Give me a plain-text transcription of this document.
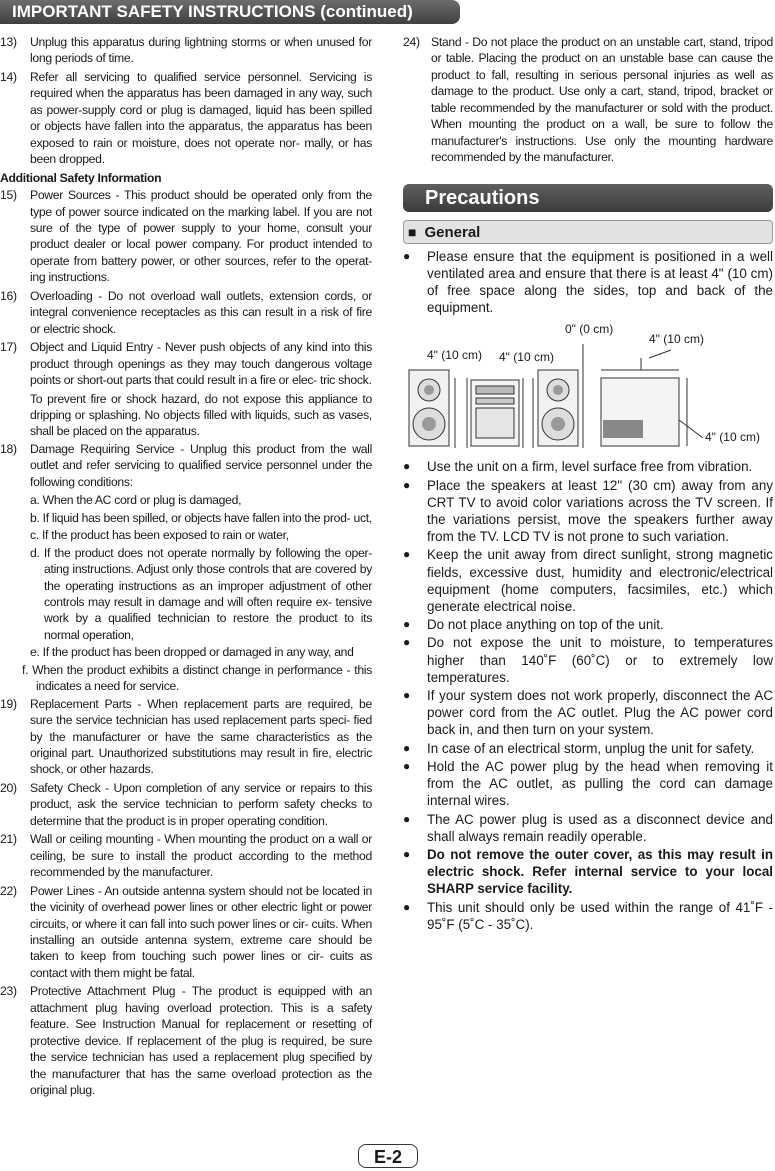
IMPORTANT SAFETY INSTRUCTIONS (continued)
13) Unplug this apparatus during lightning storms or when unused for long periods of time.
14) Refer all servicing to qualified service personnel. Servicing is required when the apparatus has been damaged in any way, such as power-supply cord or plug is damaged, liquid has been spilled or objects have fallen into the apparatus, the apparatus has been exposed to rain or moisture, does not operate nor- mally, or has been dropped.
Additional Safety Information
15) Power Sources - This product should be operated only from the type of power source indicated on the marking label. If you are not sure of the type of power supply to your home, consult your product dealer or local power company. For product intended to operate from battery power, or other sources, refer to the operat- ing instructions.
16) Overloading - Do not overload wall outlets, extension cords, or integral convenience receptacles as this can result in a risk of fire or electric shock.
17) Object and Liquid Entry - Never push objects of any kind into this product through openings as they may touch dangerous voltage points or short-out parts that could result in a fire or elec- tric shock.
To prevent fire or shock hazard, do not expose this appliance to dripping or splashing. No objects filled with liquids, such as vases, shall be placed on the apparatus.
18) Damage Requiring Service - Unplug this product from the wall outlet and refer servicing to qualified service personnel under the following conditions:
a. When the AC cord or plug is damaged,
b. If liquid has been spilled, or objects have fallen into the prod- uct,
c. If the product has been exposed to rain or water,
d. If the product does not operate normally by following the oper- ating instructions. Adjust only those controls that are covered by the operating instructions as an improper adjustment of other controls may result in damage and will often require ex- tensive work by a qualified technician to restore the product to its normal operation,
e. If the product has been dropped or damaged in any way, and
f. When the product exhibits a distinct change in performance - this indicates a need for service.
19) Replacement Parts - When replacement parts are required, be sure the service technician has used replacement parts speci- fied by the manufacturer or have the same characteristics as the original part. Unauthorized substitutions may result in fire, electric shock, or other hazards.
20) Safety Check - Upon completion of any service or repairs to this product, ask the service technician to perform safety checks to determine that the product is in proper operating condition.
21) Wall or ceiling mounting - When mounting the product on a wall or ceiling, be sure to install the product according to the method recommended by the manufacturer.
22) Power Lines - An outside antenna system should not be located in the vicinity of overhead power lines or other electric light or power circuits, or where it can fall into such power lines or cir- cuits. When installing an outside antenna system, extreme care should be taken to keep from touching such power lines or cir- cuits as contact with them might be fatal.
23) Protective Attachment Plug - The product is equipped with an attachment plug having overload protection. This is a safety feature. See Instruction Manual for replacement or resetting of protective device. If replacement of the plug is required, be sure the service technician has used a replacement plug specified by the manufacturer that has the same overload protection as the original plug.
24) Stand - Do not place the product on an unstable cart, stand, tripod or table. Placing the product on an unstable base can cause the product to fall, resulting in serious personal injuries as well as damage to the product. Use only a cart, stand, tripod, bracket or table recommended by the manufacturer or sold with the product. When mounting the product on a wall, be sure to follow the manufacturer's instructions. Use only the mounting hardware recommended by the manufacturer.
Precautions
■ General
● Please ensure that the equipment is positioned in a well ventilated area and ensure that there is at least 4" (10 cm) of free space along the sides, top and back of the equipment.
4" (10 cm) 4" (10 cm)
0" (0 cm)
4" (10 cm)
4" (10 cm)
● Use the unit on a firm, level surface free from vibration.
● Place the speakers at least 12" (30 cm) away from any CRT TV to avoid color variations across the TV screen. If the variations persist, move the speakers further away from the TV. LCD TV is not prone to such variation.
● Keep the unit away from direct sunlight, strong magnetic fields, excessive dust, humidity and electronic/electrical equipment (home computers, facsimiles, etc.) which generate electrical noise.
● Do not place anything on top of the unit.
● Do not expose the unit to moisture, to temperatures higher than 140˚F (60˚C) or to extremely low temperatures.
● If your system does not work properly, disconnect the AC power cord from the AC outlet. Plug the AC power cord back in, and then turn on your system.
● In case of an electrical storm, unplug the unit for safety.
● Hold the AC power plug by the head when removing it from the AC outlet, as pulling the cord can damage internal wires.
● The AC power plug is used as a disconnect device and shall always remain readily operable.
● Do not remove the outer cover, as this may result in electric shock. Refer internal service to your local SHARP service facility.
● This unit should only be used within the range of 41˚F - 95˚F (5˚C - 35˚C).
E-2
